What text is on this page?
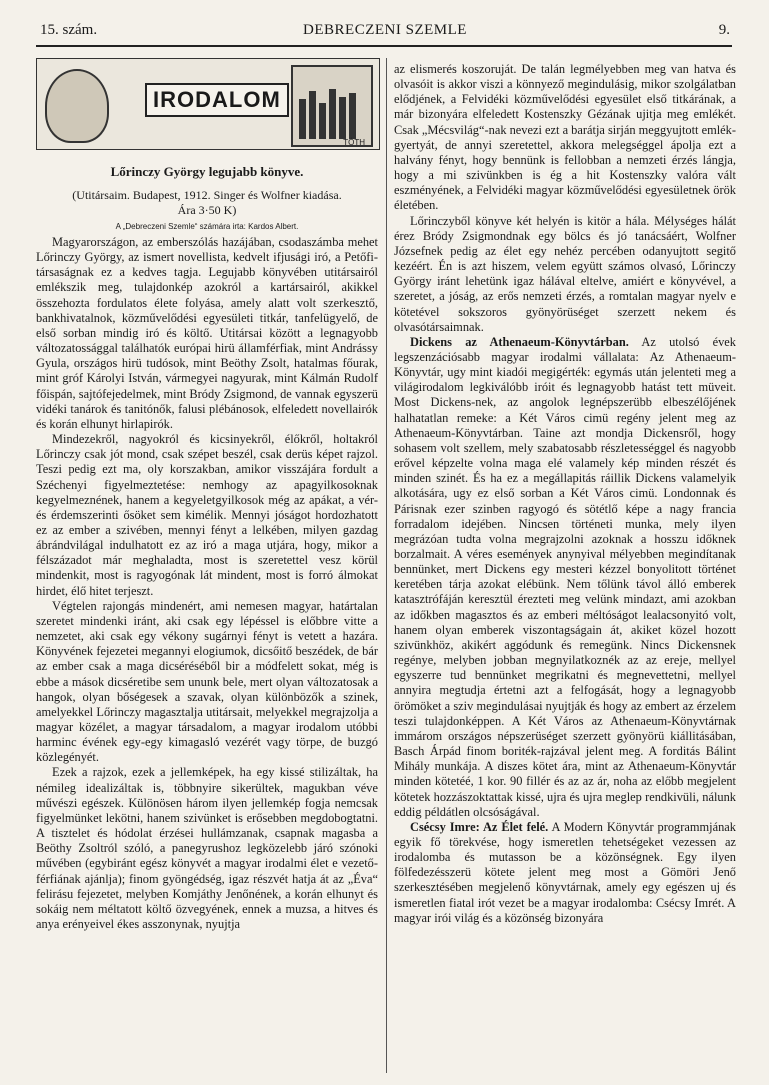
15. szám.	DEBRECZENI SZEMLE	9.
IRODALOM
TÓTH

Lőrinczy György legujabb könyve.

(Utitársaim. Budapest, 1912. Singer és Wolfner kiadása.

Ára 3·50 K)

A „Debreczeni Szemle“ számára irta: Kardos Albert.

Magyarországon, az emberszólás hazájában, csodaszámba mehet Lőrinczy György, az ismert novellista, kedvelt ifjusági iró, a Petőfi-társaságnak ez a kedves tagja. Legujabb könyvében utitársairól emlékszik meg, tulajdonkép azokról a kartársairól, akikkel összehozta fordulatos élete folyása, amely alatt volt szerkesztő, bankhivatalnok, közművelődési egyesületi titkár, tanfelügyelő, de első sorban mindig iró és költő. Utitársai között a legnagyobb változatossággal találhatók európai hirü államférfiak, mint Andrássy Gyula, országos hirü tudósok, mint Beöthy Zsolt, hatalmas főurak, mint gróf Károlyi István, vármegyei nagyurak, mint Kálmán Rudolf főispán, sajtófejedelmek, mint Bródy Zsigmond, de vannak egyszerü vidéki tanárok és tanitónők, falusi plébánosok, elfeledett novellairók és korán elhunyt hirlapirók.

Mindezekről, nagyokról és kicsinyekről, élőkről, holtakról Lőrinczy csak jót mond, csak szépet beszél, csak derüs képet rajzol. Teszi pedig ezt ma, oly korszakban, amikor visszájára fordult a Széchenyi figyelmeztetése: nemhogy az apagyilkosoknak kegyelmeznének, hanem a kegyeletgyilkosok még az apákat, a vér- és érdemszerinti ősöket sem kimélik. Mennyi jóságot hordozhatott ez az ember a szivében, mennyi fényt a lelkében, milyen gazdag ábrándvilágal indulhatott ez az iró a maga utjára, hogy, mikor a félszázadot már meghaladta, most is szeretettel vesz körül mindenkit, most is ragyogónak lát mindent, most is forró álmokat hirdet, élő hitet terjeszt.

Végtelen rajongás mindenért, ami nemesen magyar, határtalan szeretet mindenki iránt, aki csak egy lépéssel is előbbre vitte a nemzetet, aki csak egy vékony sugárnyi fényt is vetett a hazára. Könyvének fejezetei megannyi elogiumok, dicsőitő beszédek, de bár az ember csak a maga dicséréséből bir a módfelett sokat, még is ebbe a mások dicséretibe sem ununk bele, mert olyan változatosak a hangok, olyan bőségesek a szavak, olyan különbözők a szinek, amelyekkel Lőrinczy magasztalja utitársait, melyekkel megrajzolja a magyar közélet, a magyar társadalom, a magyar irodalom utóbbi harminc évének egy-egy kimagasló vezérét vagy törpe, de buzgó közlegényét.

Ezek a rajzok, ezek a jellemképek, ha egy kissé stilizáltak, ha némileg idealizáltak is, többnyire sikerültek, magukban véve művészi egészek. Különösen három ilyen jellemkép fogja nemcsak figyelmünket lekötni, hanem szivünket is erősebben megdobogtatni. A tisztelet és hódolat érzései hullámzanak, csapnak magasba a Beöthy Zsoltról szóló, a panegyrushoz legközelebb járó szónoki művében (egybiránt egész könyvét a magyar irodalmi élet e vezető-férfiának ajánlja); finom gyöngédség, igaz részvét hatja át az „Éva“ felirásu fejezetet, melyben Komjáthy Jenőnének, a korán elhunyt és sokáig nem méltatott költő özvegyének, ennek a muzsa, a hitves és anya erényeivel ékes asszonynak, nyujtja

az elismerés koszoruját. De talán legmélyebben meg van hatva és olvasóit is akkor viszi a könnyező megindulásig, mikor szolgálatban elődjének, a Felvidéki közművelődési egyesület első titkárának, a már bizonyára elfeledett Kostenszky Gézának ujitja meg emlékét. Csak „Mécsvilág“-nak nevezi ezt a barátja sirján meggyujtott emlék-gyertyát, de annyi szeretettel, akkora melegséggel ápolja ezt a halvány fényt, hogy bennünk is fellobban a nemzeti érzés lángja, hogy a mi szivünkben is ég a hit Kostenszky valóra vált eszményének, a Felvidéki magyar közművelődési egyesületnek örök életében.

Lőrinczyből könyve két helyén is kitör a hála. Mélységes hálát érez Bródy Zsigmondnak egy bölcs és jó tanácsáért, Wolfner Józsefnek pedig az élet egy nehéz percében odanyujtott segitő kezéért. Én is azt hiszem, velem együtt számos olvasó, Lőrinczy György iránt lehetünk igaz hálával eltelve, amiért e könyvével, a szeretet, a jóság, az erős nemzeti érzés, a romtalan magyar nyelv e kötetével sokszoros gyönyörüséget szerzett nekem és olvasótársaimnak.

Dickens az Athenaeum-Könyvtárban. Az utolsó évek legszenzációsabb magyar irodalmi vállalata: Az Athenaeum-Könyvtár, ugy mint kiadói megigérték: egymás után jelenteti meg a világirodalom legkiválóbb iróit és legnagyobb hatást tett müveit. Most Dickens-nek, az angolok legnépszerübb elbeszélőjének halhatatlan remeke: a Két Város cimü regény jelent meg az Athenaeum-Könyvtárban. Taine azt mondja Dickensről, hogy sohasem volt szellem, mely szabatosabb részletességgel és nagyobb erővel képzelte volna maga elé valamely kép minden részét és minden szinét. És ha ez a megállapitás ráillik Dickens valamelyik alkotására, ugy ez első sorban a Két Város cimü. Londonnak és Párisnak ezer szinben ragyogó és sötétlő képe a nagy francia forradalom idejében. Nincsen történeti munka, mely ilyen megrázóan tudta volna megrajzolni azoknak a hosszu időknek borzalmait. A véres események anynyival mélyebben megindítanak bennünket, mert Dickens egy mesteri kézzel bonyolitott történet keretében tárja azokat elébünk. Nem tőlünk távol álló emberek katasztrófáján keresztül érezteti meg velünk mindazt, ami azokban az időkben magasztos és az emberi méltóságot lealacsonyitó volt, hanem olyan emberek viszontagságain át, akiket közel hozott szivünkhöz, akikért aggódunk és remegünk. Nincs Dickensnek regénye, melyben jobban megnyilatkoznék az az ereje, mellyel egyszerre tud bennünket megrikatni és megnevettetni, mellyel annyira megtudja értetni azt a felfogását, hogy a legnagyobb örömöket a sziv megindulásai nyujtják és hogy az embert az érzelem teszi tulajdonképpen. A Két Város az Athenaeum-Könyvtárnak immárom országos népszerüséget szerzett gyönyörü kiállitásában, Basch Árpád finom boriték-rajzával jelent meg. A forditás Bálint Mihály munkája. A diszes kötet ára, mint az Athenaeum-Könyvtár minden kötetéé, 1 kor. 90 fillér és az az ár, noha az előbb megjelent kötetek hozzászoktattak kissé, ujra és ujra meglep rendkivüli, nálunk eddig példátlen olcsóságával.

Csécsy Imre: Az Élet felé. A Modern Könyvtár programmjának egyik fő törekvése, hogy ismeretlen tehetségeket vezessen az irodalomba és mutasson be a közönségnek. Egy ilyen fölfedezésszerü kötete jelent meg most a Gömöri Jenő szerkesztésében megjelenő könyvtárnak, amely egy egészen uj és ismeretlen fiatal irót vezet be a magyar irodalomba: Csécsy Imrét. A magyar irói világ és a közönség bizonyára
